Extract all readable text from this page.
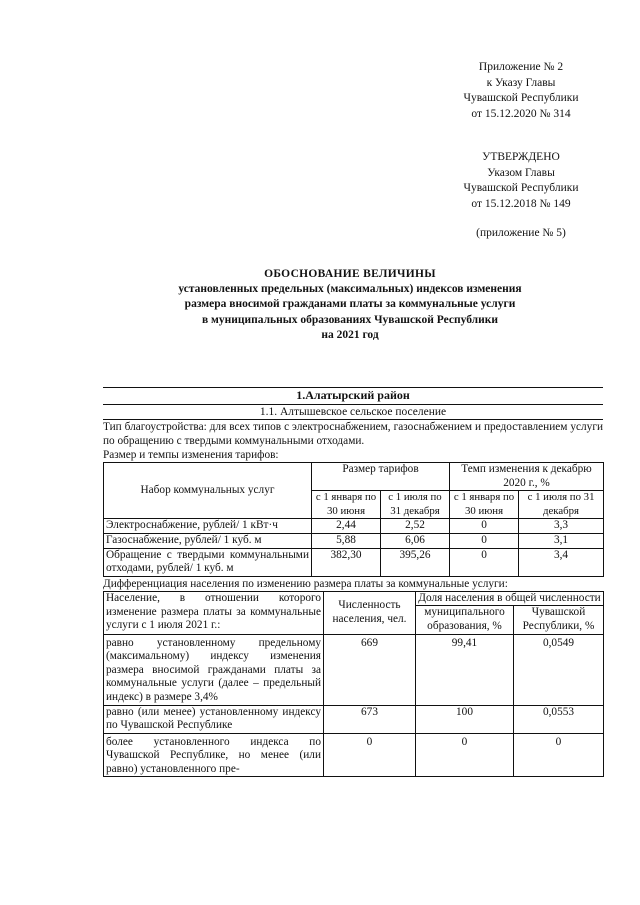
Приложение № 2
к Указу Главы
Чувашской Республики
от 15.12.2020 № 314
УТВЕРЖДЕНО
Указом Главы
Чувашской Республики
от 15.12.2018 № 149
(приложение № 5)
ОБОСНОВАНИЕ ВЕЛИЧИНЫ
установленных предельных (максимальных) индексов изменения
размера вносимой гражданами платы за коммунальные услуги
в муниципальных образованиях Чувашской Республики
на 2021 год
1.Алатырский район
1.1. Алтышевское сельское поселение
Тип благоустройства: для всех типов с электроснабжением, газоснабжением и предоставлением услуги по обращению с твердыми коммунальными отходами.
Размер и темпы изменения тарифов:
Набор коммунальных услуг	Размер тарифов		Темп изменения к декабрю 2020 г., %	
	с 1 января по 30 июня	с 1 июля по 31 декабря	с 1 января по 30 июня	с 1 июля по 31 декабря
Электроснабжение, рублей/ 1 кВт·ч	2,44	2,52	0	3,3
Газоснабжение, рублей/ 1 куб. м	5,88	6,06	0	3,1
Обращение с твердыми коммунальными отходами, рублей/ 1 куб. м	382,30	395,26	0	3,4
Дифференциация населения по изменению размера платы за коммунальные услуги:
Население, в отношении которого изменение размера платы за коммунальные услуги с 1 июля 2021 г.:	Численность населения, чел.	Доля населения в общей численности	
		муниципального образования, %	Чувашской Республики, %
равно установленному предельному (максимальному) индексу изменения размера вносимой гражданами платы за коммунальные услуги (далее – предельный индекс) в размере 3,4%	669	99,41	0,0549
равно (или менее) установленному индексу по Чувашской Республике	673	100	0,0553
более установленного индекса по Чувашской Республике, но менее (или равно) установленного пре-	0	0	0
